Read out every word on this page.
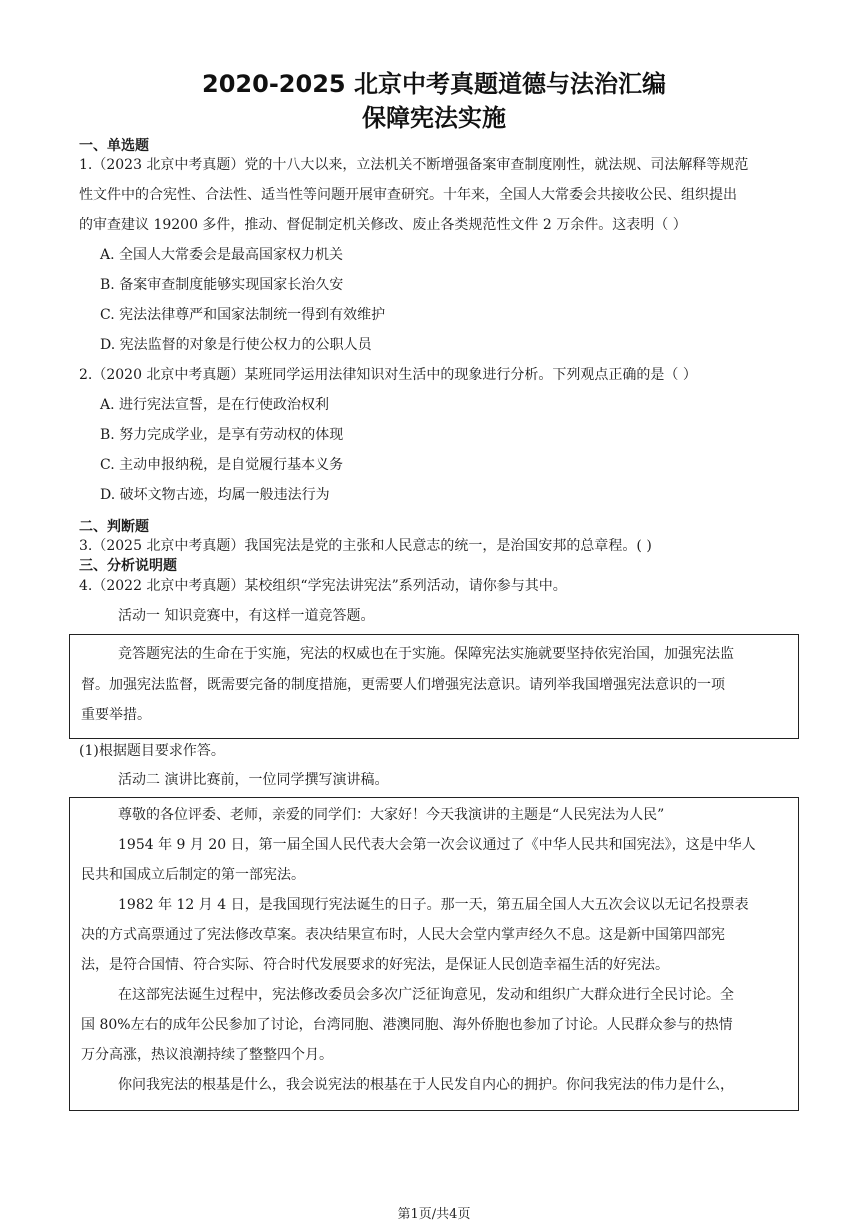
2020-2025 北京中考真题道德与法治汇编
保障宪法实施
一、单选题
1.（2023 北京中考真题）党的十八大以来，立法机关不断增强备案审查制度刚性，就法规、司法解释等规范
性文件中的合宪性、合法性、适当性等问题开展审查研究。十年来，全国人大常委会共接收公民、组织提出
的审查建议 19200 多件，推动、督促制定机关修改、废止各类规范性文件 2 万余件。这表明（ ）
A. 全国人大常委会是最高国家权力机关
B. 备案审查制度能够实现国家长治久安
C. 宪法法律尊严和国家法制统一得到有效维护
D. 宪法监督的对象是行使公权力的公职人员
2.（2020 北京中考真题）某班同学运用法律知识对生活中的现象进行分析。下列观点正确的是（ ）
A. 进行宪法宣誓，是在行使政治权利
B. 努力完成学业，是享有劳动权的体现
C. 主动申报纳税，是自觉履行基本义务
D. 破坏文物古迹，均属一般违法行为
二、判断题
3.（2025 北京中考真题）我国宪法是党的主张和人民意志的统一，是治国安邦的总章程。( )
三、分析说明题
4.（2022 北京中考真题）某校组织“学宪法讲宪法”系列活动，请你参与其中。
活动一 知识竞赛中，有这样一道竞答题。
竞答题宪法的生命在于实施，宪法的权威也在于实施。保障宪法实施就要坚持依宪治国，加强宪法监
督。加强宪法监督，既需要完备的制度措施，更需要人们增强宪法意识。请列举我国增强宪法意识的一项
重要举措。
(1)根据题目要求作答。
活动二 演讲比赛前，一位同学撰写演讲稿。
尊敬的各位评委、老师，亲爱的同学们：大家好！今天我演讲的主题是“人民宪法为人民”
1954 年 9 月 20 日，第一届全国人民代表大会第一次会议通过了《中华人民共和国宪法》，这是中华人
民共和国成立后制定的第一部宪法。
1982 年 12 月 4 日，是我国现行宪法诞生的日子。那一天，第五届全国人大五次会议以无记名投票表
决的方式高票通过了宪法修改草案。表决结果宣布时，人民大会堂内掌声经久不息。这是新中国第四部宪
法，是符合国情、符合实际、符合时代发展要求的好宪法，是保证人民创造幸福生活的好宪法。
在这部宪法诞生过程中，宪法修改委员会多次广泛征询意见，发动和组织广大群众进行全民讨论。全
国 80%左右的成年公民参加了讨论，台湾同胞、港澳同胞、海外侨胞也参加了讨论。人民群众参与的热情
万分高涨，热议浪潮持续了整整四个月。
你问我宪法的根基是什么，我会说宪法的根基在于人民发自内心的拥护。你问我宪法的伟力是什么，
第1页/共4页
